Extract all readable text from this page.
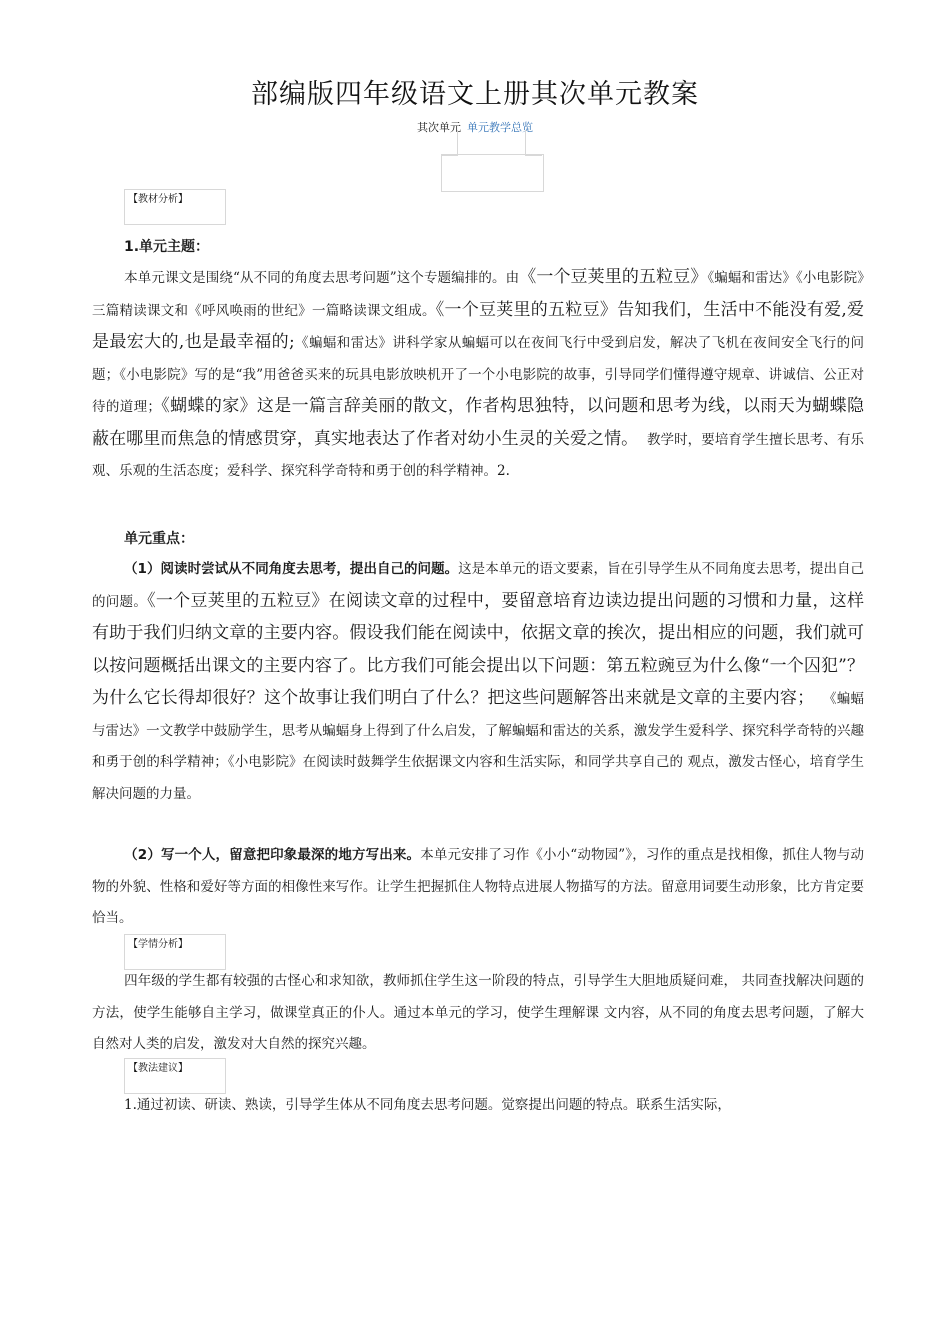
部编版四年级语文上册其次单元教案
其次单元 单元教学总览
【教材分析】
1.单元主题：
本单元课文是围绕“从不同的角度去思考问题”这个专题编排的。由《一个豆荚里的五粒豆》《蝙蝠和雷达》《小电影院》三篇精读课文和《呼风唤雨的世纪》一篇略读课文组成。《一个豆荚里的五粒豆》告知我们，生活中不能没有爱,爱是最宏大的,也是最幸福的;《蝙蝠和雷达》讲科学家从蝙蝠可以在夜间飞行中受到启发，解决了飞机在夜间安全飞行的问题；《小电影院》写的是“我”用爸爸买来的玩具电影放映机开了一个小电影院的故事，引导同学们懂得遵守规章、讲诚信、公正对待的道理；《蝴蝶的家》这是一篇言辞美丽的散文，作者构思独特，以问题和思考为线，以雨天为蝴蝶隐蔽在哪里而焦急的情感贯穿，真实地表达了作者对幼小生灵的关爱之情。 教学时，要培育学生擅长思考、有乐观、乐观的生活态度；爱科学、探究科学奇特和勇于创的科学精神。2.
单元重点：
（1）阅读时尝试从不同角度去思考，提出自己的问题。这是本单元的语文要素，旨在引导学生从不同角度去思考，提出自己的问题。《一个豆荚里的五粒豆》在阅读文章的过程中，要留意培育边读边提出问题的习惯和力量，这样有助于我们归纳文章的主要内容。假设我们能在阅读中，依据文章的挨次，提出相应的问题，我们就可以按问题概括出课文的主要内容了。比方我们可能会提出以下问题：第五粒豌豆为什么像“一个囚犯”？为什么它长得却很好？这个故事让我们明白了什么？把这些问题解答出来就是文章的主要内容； 《蝙蝠与雷达》一文教学中鼓励学生，思考从蝙蝠身上得到了什么启发，了解蝙蝠和雷达的关系，激发学生爱科学、探究科学奇特的兴趣和勇于创的科学精神；《小电影院》在阅读时鼓舞学生依据课文内容和生活实际，和同学共享自己的 观点，激发古怪心，培育学生解决问题的力量。
（2）写一个人，留意把印象最深的地方写出来。本单元安排了习作《小小“动物园”》，习作的重点是找相像，抓住人物与动物的外貌、性格和爱好等方面的相像性来写作。让学生把握抓住人物特点进展人物描写的方法。留意用词要生动形象，比方肯定要恰当。
【学情分析】
四年级的学生都有较强的古怪心和求知欲，教师抓住学生这一阶段的特点，引导学生大胆地质疑问难， 共同查找解决问题的方法，使学生能够自主学习，做课堂真正的仆人。通过本单元的学习，使学生理解课 文内容，从不同的角度去思考问题，了解大自然对人类的启发，激发对大自然的探究兴趣。
【教法建议】
1.通过初读、研读、熟读，引导学生体从不同角度去思考问题。觉察提出问题的特点。联系生活实际，
